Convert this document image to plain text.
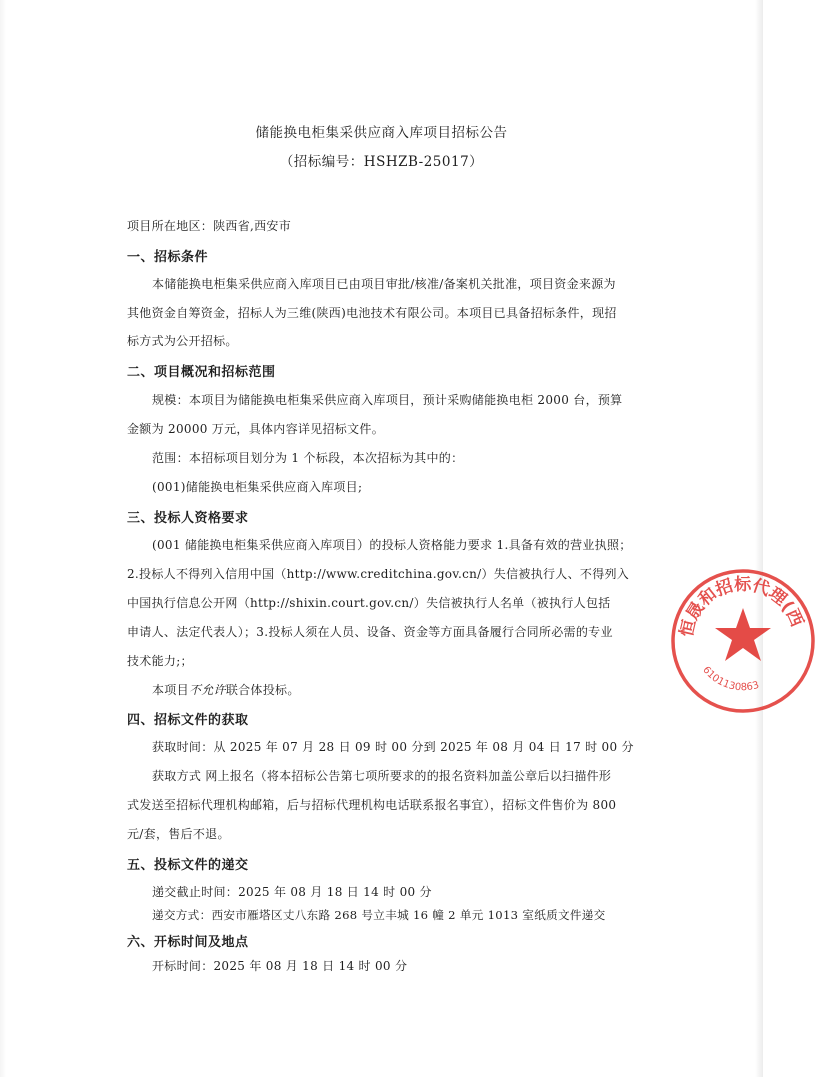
储能换电柜集采供应商入库项目招标公告
（招标编号：HSHZB-25017）
项目所在地区：陕西省,西安市
一、招标条件
本储能换电柜集采供应商入库项目已由项目审批/核准/备案机关批准，项目资金来源为
其他资金自筹资金，招标人为三维(陕西)电池技术有限公司。本项目已具备招标条件，现招
标方式为公开招标。
二、项目概况和招标范围
规模：本项目为储能换电柜集采供应商入库项目，预计采购储能换电柜 2000 台，预算
金额为 20000 万元，具体内容详见招标文件。
范围：本招标项目划分为 1 个标段，本次招标为其中的：
(001)储能换电柜集采供应商入库项目;
三、投标人资格要求
(001 储能换电柜集采供应商入库项目）的投标人资格能力要求 1.具备有效的营业执照；
2.投标人不得列入信用中国（http://www.creditchina.gov.cn/）失信被执行人、不得列入
中国执行信息公开网（http://shixin.court.gov.cn/）失信被执行人名单（被执行人包括
申请人、法定代表人）；3.投标人须在人员、设备、资金等方面具备履行合同所必需的专业
技术能力;；
本项目不允许联合体投标。
四、招标文件的获取
获取时间：从 2025 年 07 月 28 日 09 时 00 分到 2025 年 08 月 04 日 17 时 00 分
获取方式 网上报名（将本招标公告第七项所要求的的报名资料加盖公章后以扫描件形
式发送至招标代理机构邮箱，后与招标代理机构电话联系报名事宜），招标文件售价为 800
元/套，售后不退。
五、投标文件的递交
递交截止时间：2025 年 08 月 18 日 14 时 00 分
递交方式：西安市雁塔区丈八东路 268 号立丰城 16 幢 2 单元 1013 室纸质文件递交
六、开标时间及地点
开标时间：2025 年 08 月 18 日 14 时 00 分
恒晟和招标代理(西
6101130863
